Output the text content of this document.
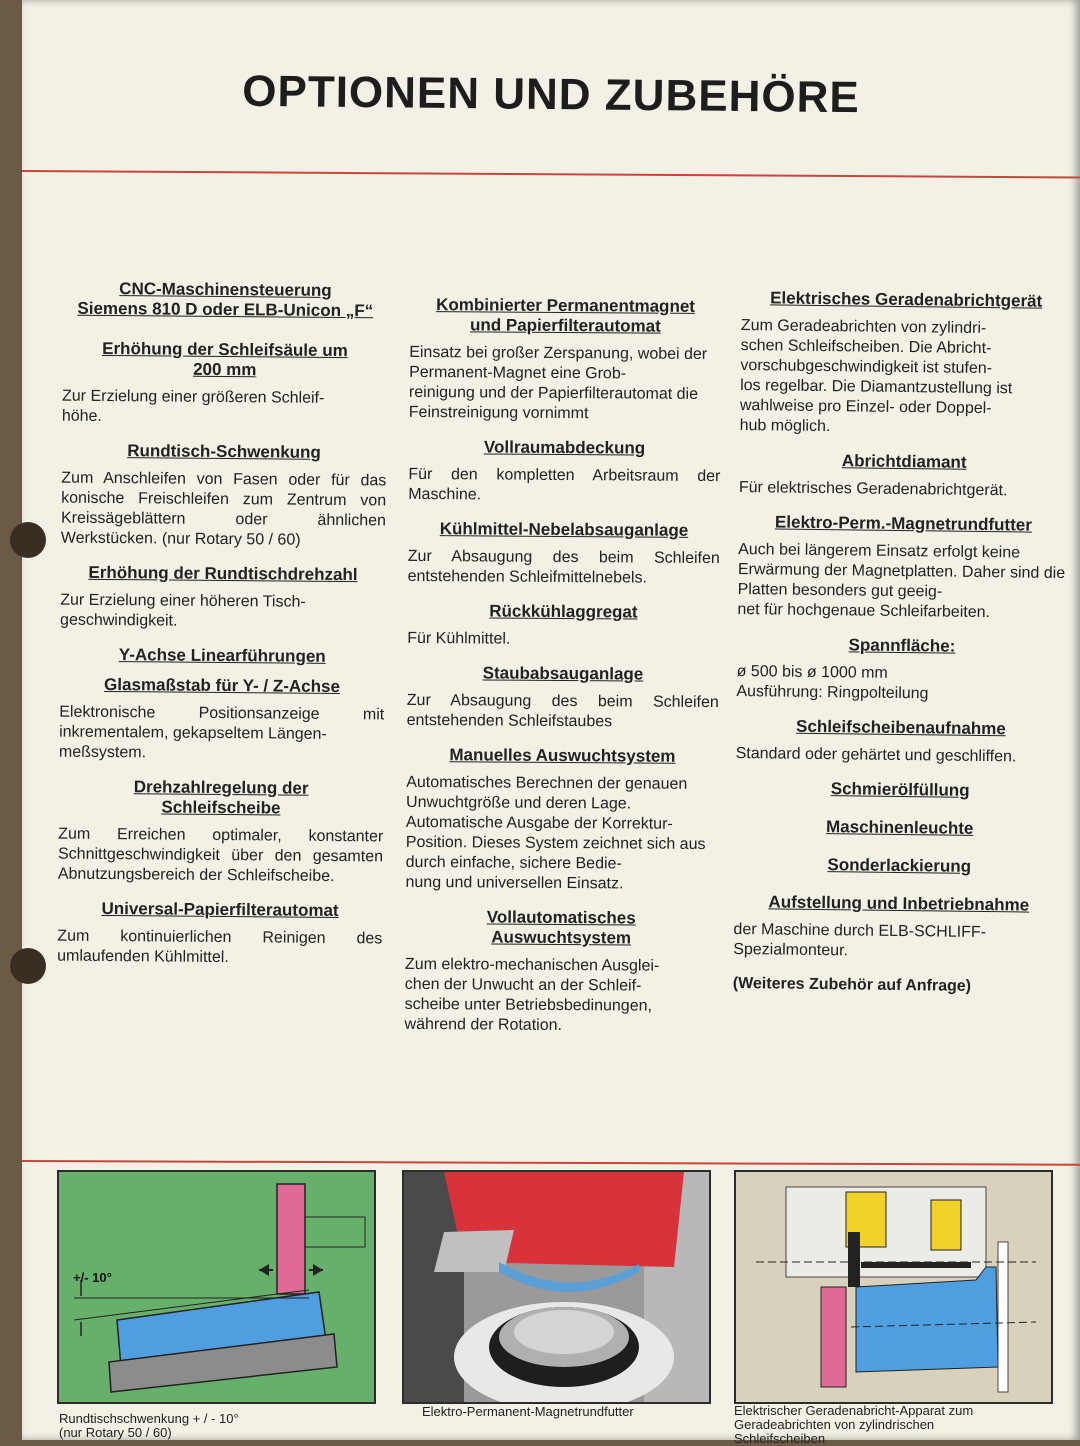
OPTIONEN UND ZUBEHÖRE
CNC-Maschinensteuerung
Siemens 810 D oder ELB-Unicon „F“
Erhöhung der Schleifsäule um
200 mm
Zur Erzielung einer größeren Schleif-
höhe.
Rundtisch-Schwenkung
Zum Anschleifen von Fasen oder für das konische Freischleifen zum Zentrum von Kreissägeblättern oder ähnlichen Werkstücken. (nur Rotary 50 / 60)
Erhöhung der Rundtischdrehzahl
Zur Erzielung einer höheren Tisch-
geschwindigkeit.
Y-Achse Linearführungen
Glasmaßstab für Y- / Z-Achse
Elektronische Positionsanzeige mit inkrementalem, gekapseltem Längen-
meßsystem.
Drehzahlregelung der
Schleifscheibe
Zum Erreichen optimaler, konstanter Schnittgeschwindigkeit über den gesamten Abnutzungsbereich der Schleifscheibe.
Universal-Papierfilterautomat
Zum kontinuierlichen Reinigen des umlaufenden Kühlmittel.
Kombinierter Permanentmagnet
und Papierfilterautomat
Einsatz bei großer Zerspanung, wobei der Permanent-Magnet eine Grob-
reinigung und der Papierfilterautomat die Feinstreinigung vornimmt
Vollraumabdeckung
Für den kompletten Arbeitsraum der Maschine.
Kühlmittel-Nebelabsauganlage
Zur Absaugung des beim Schleifen entstehenden Schleifmittelnebels.
Rückkühlaggregat
Für Kühlmittel.
Staubabsauganlage
Zur Absaugung des beim Schleifen entstehenden Schleifstaubes
Manuelles Auswuchtsystem
Automatisches Berechnen der genauen Unwuchtgröße und deren Lage. Automatische Ausgabe der Korrektur-
Position. Dieses System zeichnet sich aus durch einfache, sichere Bedie-
nung und universellen Einsatz.
Vollautomatisches
Auswuchtsystem
Zum elektro-mechanischen Ausglei-
chen der Unwucht an der Schleif-
scheibe unter Betriebsbedinungen, während der Rotation.
Elektrisches Geradenabrichtgerät
Zum Geradeabrichten von zylindri-
schen Schleifscheiben. Die Abricht-
vorschubgeschwindigkeit ist stufen-
los regelbar. Die Diamantzustellung ist wahlweise pro Einzel- oder Doppel-
hub möglich.
Abrichtdiamant
Für elektrisches Geradenabrichtgerät.
Elektro-Perm.-Magnetrundfutter
Auch bei längerem Einsatz erfolgt keine Erwärmung der Magnetplatten. Daher sind die Platten besonders gut geeig-
net für hochgenaue Schleifarbeiten.
Spannfläche:
ø 500 bis ø 1000 mm
Ausführung: Ringpolteilung
Schleifscheibenaufnahme
Standard oder gehärtet und geschliffen.
Schmierölfüllung
Maschinenleuchte
Sonderlackierung
Aufstellung und Inbetriebnahme
der Maschine durch ELB-SCHLIFF-
Spezialmonteur.
(Weiteres Zubehör auf Anfrage)
+/- 10°
Rundtischschwenkung + / - 10°
(nur Rotary 50 / 60)
Elektro-Permanent-Magnetrundfutter	Elektrischer Geradenabricht-Apparat zum
Geradeabrichten von zylindrischen
Schleifscheiben
